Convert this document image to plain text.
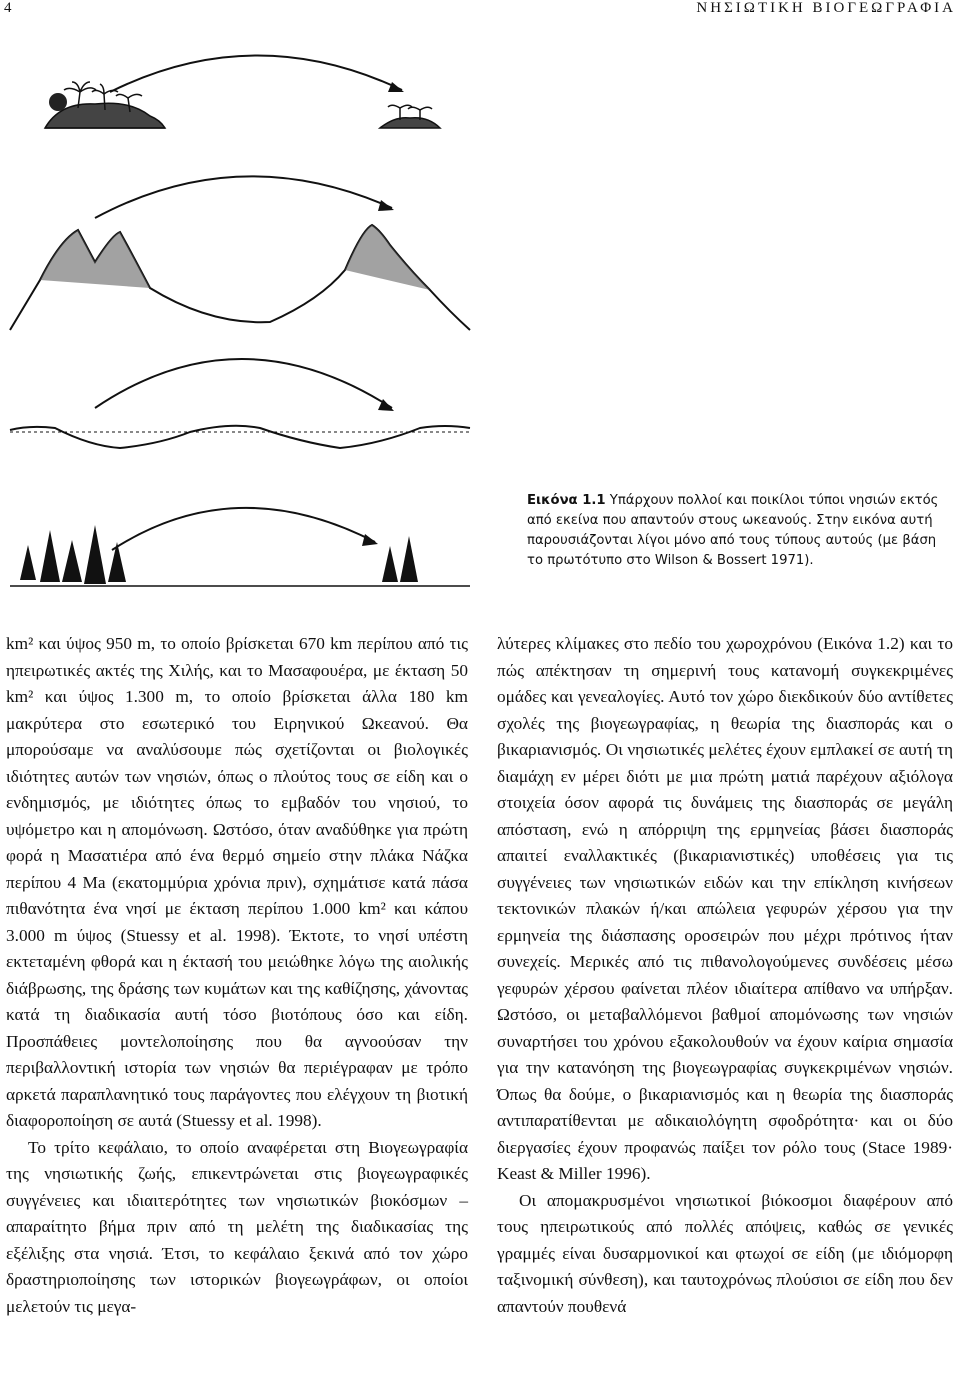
4	ΝΗΣΙΩΤΙΚΗ ΒΙΟΓΕΩΓΡΑΦΙΑ
Εικόνα 1.1 Υπάρχουν πολλοί και ποικίλοι τύποι νησιών εκτός από εκείνα που απαντούν στους ωκεανούς. Στην εικόνα αυτή παρουσιάζονται λίγοι μόνο από τους τύπους αυτούς (με βάση το πρωτότυπο στο Wilson & Bossert 1971).

km² και ύψος 950 m, το οποίο βρίσκεται 670 km περίπου από τις ηπειρωτικές ακτές της Χιλής, και το Μασαφουέρα, με έκταση 50 km² και ύψος 1.300 m, το οποίο βρίσκεται άλλα 180 km μακρύτερα στο εσωτερικό του Ειρηνικού Ωκεανού. Θα μπορούσαμε να αναλύσουμε πώς σχετίζονται οι βιολογικές ιδιότητες αυτών των νησιών, όπως ο πλούτος τους σε είδη και ο ενδημισμός, με ιδιότητες όπως το εμβαδόν του νησιού, το υψόμετρο και η απομόνωση. Ωστόσο, όταν αναδύθηκε για πρώτη φορά η Μασατιέρα από ένα θερμό σημείο στην πλάκα Νάζκα περίπου 4 Ma (εκατομμύρια χρόνια πριν), σχημάτισε κατά πάσα πιθανότητα ένα νησί με έκταση περίπου 1.000 km² και κάπου 3.000 m ύψος (Stuessy et al. 1998). Έκτοτε, το νησί υπέστη εκτεταμένη φθορά και η έκτασή του μειώθηκε λόγω της αιολικής διάβρωσης, της δράσης των κυμάτων και της καθίζησης, χάνοντας κατά τη διαδικασία αυτή τόσο βιοτόπους όσο και είδη. Προσπάθειες μοντελοποίησης που θα αγνοούσαν την περιβαλλοντική ιστορία των νησιών θα περιέγραφαν με τρόπο αρκετά παραπλανητικό τους παράγοντες που ελέγχουν τη βιοτική διαφοροποίηση σε αυτά (Stuessy et al. 1998).

Το τρίτο κεφάλαιο, το οποίο αναφέρεται στη Βιογεωγραφία της νησιωτικής ζωής, επικεντρώνεται στις βιογεωγραφικές συγγένειες και ιδιαιτερότητες των νησιωτικών βιοκόσμων – απαραίτητο βήμα πριν από τη μελέτη της διαδικασίας της εξέλιξης στα νησιά. Έτσι, το κεφάλαιο ξεκινά από τον χώρο δραστηριοποίησης των ιστορικών βιογεωγράφων, οι οποίοι μελετούν τις μεγα-

λύτερες κλίμακες στο πεδίο του χωροχρόνου (Εικόνα 1.2) και το πώς απέκτησαν τη σημερινή τους κατανομή συγκεκριμένες ομάδες και γενεαλογίες. Αυτό τον χώρο διεκδικούν δύο αντίθετες σχολές της βιογεωγραφίας, η θεωρία της διασποράς και ο βικαριανισμός. Οι νησιωτικές μελέτες έχουν εμπλακεί σε αυτή τη διαμάχη εν μέρει διότι με μια πρώτη ματιά παρέχουν αξιόλογα στοιχεία όσον αφορά τις δυνάμεις της διασποράς σε μεγάλη απόσταση, ενώ η απόρριψη της ερμηνείας βάσει διασποράς απαιτεί εναλλακτικές (βικαριανιστικές) υποθέσεις για τις συγγένειες των νησιωτικών ειδών και την επίκληση κινήσεων τεκτονικών πλακών ή/και απώλεια γεφυρών χέρσου για την ερμηνεία της διάσπασης οροσειρών που μέχρι πρότινος ήταν συνεχείς. Μερικές από τις πιθανολογούμενες συνδέσεις μέσω γεφυρών χέρσου φαίνεται πλέον ιδιαίτερα απίθανο να υπήρξαν. Ωστόσο, οι μεταβαλλόμενοι βαθμοί απομόνωσης των νησιών συναρτήσει του χρόνου εξακολουθούν να έχουν καίρια σημασία για την κατανόηση της βιογεωγραφίας συγκεκριμένων νησιών. Όπως θα δούμε, ο βικαριανισμός και η θεωρία της διασποράς αντιπαρατίθενται με αδικαιολόγητη σφοδρότητα· και οι δύο διεργασίες έχουν προφανώς παίξει τον ρόλο τους (Stace 1989· Keast & Miller 1996).

Οι απομακρυσμένοι νησιωτικοί βιόκοσμοι διαφέρουν από τους ηπειρωτικούς από πολλές απόψεις, καθώς σε γενικές γραμμές είναι δυσαρμονικοί και φτωχοί σε είδη (με ιδιόμορφη ταξινομική σύνθεση), και ταυτοχρόνως πλούσιοι σε είδη που δεν απαντούν πουθενά
